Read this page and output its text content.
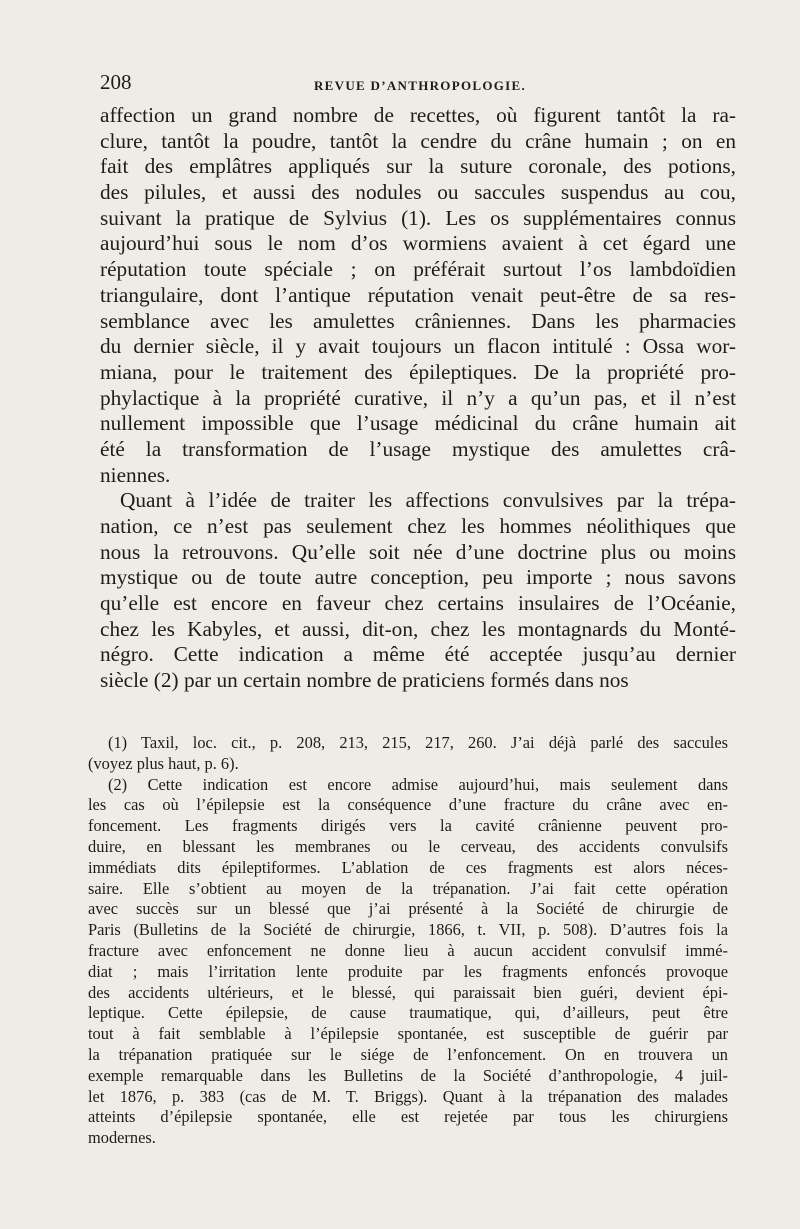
208	REVUE D’ANTHROPOLOGIE.
affection un grand nombre de recettes, où figurent tantôt la ra-
clure, tantôt la poudre, tantôt la cendre du crâne humain ; on en
fait des emplâtres appliqués sur la suture coronale, des potions,
des pilules, et aussi des nodules ou saccules suspendus au cou,
suivant la pratique de Sylvius (1). Les os supplémentaires connus
aujourd’hui sous le nom d’os wormiens avaient à cet égard une
réputation toute spéciale ; on préférait surtout l’os lambdoïdien
triangulaire, dont l’antique réputation venait peut-être de sa res-
semblance avec les amulettes crâniennes. Dans les pharmacies
du dernier siècle, il y avait toujours un flacon intitulé : Ossa wor-
miana, pour le traitement des épileptiques. De la propriété pro-
phylactique à la propriété curative, il n’y a qu’un pas, et il n’est
nullement impossible que l’usage médicinal du crâne humain ait
été la transformation de l’usage mystique des amulettes crâ-
niennes.
Quant à l’idée de traiter les affections convulsives par la trépa-
nation, ce n’est pas seulement chez les hommes néolithiques que
nous la retrouvons. Qu’elle soit née d’une doctrine plus ou moins
mystique ou de toute autre conception, peu importe ; nous savons
qu’elle est encore en faveur chez certains insulaires de l’Océanie,
chez les Kabyles, et aussi, dit-on, chez les montagnards du Monté-
négro. Cette indication a même été acceptée jusqu’au dernier
siècle (2) par un certain nombre de praticiens formés dans nos
(1) Taxil, loc. cit., p. 208, 213, 215, 217, 260. J’ai déjà parlé des saccules
(voyez plus haut, p. 6).
(2) Cette indication est encore admise aujourd’hui, mais seulement dans
les cas où l’épilepsie est la conséquence d’une fracture du crâne avec en-
foncement. Les fragments dirigés vers la cavité crânienne peuvent pro-
duire, en blessant les membranes ou le cerveau, des accidents convulsifs
immédiats dits épileptiformes. L’ablation de ces fragments est alors néces-
saire. Elle s’obtient au moyen de la trépanation. J’ai fait cette opération
avec succès sur un blessé que j’ai présenté à la Société de chirurgie de
Paris (Bulletins de la Société de chirurgie, 1866, t. VII, p. 508). D’autres fois la
fracture avec enfoncement ne donne lieu à aucun accident convulsif immé-
diat ; mais l’irritation lente produite par les fragments enfoncés provoque
des accidents ultérieurs, et le blessé, qui paraissait bien guéri, devient épi-
leptique. Cette épilepsie, de cause traumatique, qui, d’ailleurs, peut être
tout à fait semblable à l’épilepsie spontanée, est susceptible de guérir par
la trépanation pratiquée sur le siége de l’enfoncement. On en trouvera un
exemple remarquable dans les Bulletins de la Société d’anthropologie, 4 juil-
let 1876, p. 383 (cas de M. T. Briggs). Quant à la trépanation des malades
atteints d’épilepsie spontanée, elle est rejetée par tous les chirurgiens
modernes.
